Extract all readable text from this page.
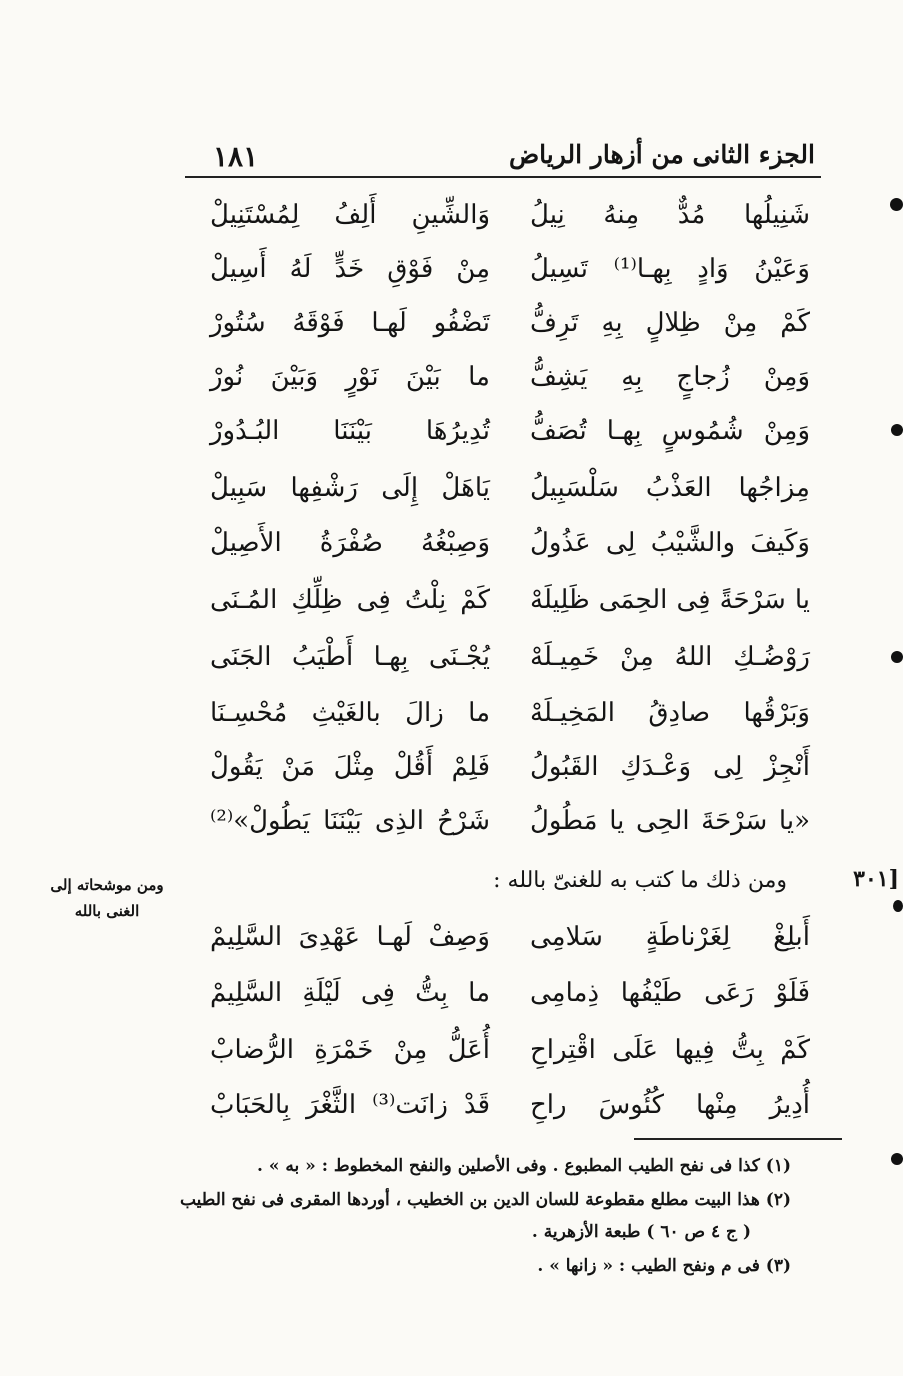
١٨١	الجزء الثانى من أزهار الرياض
شَنِيلُها مُدٌّ مِنهُ نِيلُ
وَالشِّينِ أَلِفُ لِمُسْتَنِيلْ
وَعَيْنُ وَادٍ بِهـا⁽¹⁾ تَسِيلُ
مِنْ فَوْقِ خَدٍّ لَهُ أَسِيلْ
كَمْ مِنْ ظِلالٍ بِهِ تَرِفُّ
تَضْفُو لَهـا فَوْقَهُ سُتُورْ
وَمِنْ زُجاجٍ بِهِ يَشِفُّ
ما بَيْنَ نَوْرٍ وَبَيْنَ نُورْ
وَمِنْ شُمُوسٍ بِهـا تُصَفُّ
تُدِيرُهَا بَيْنَنَا البُـدُورْ
مِزاجُها العَذْبُ سَلْسَبِيلُ
يَاهَلْ إِلَى رَشْفِها سَبِيلْ
وَكَيفَ والشَّيْبُ لِى عَذُولُ
وَصِبْغُهُ صُفْرَةُ الأَصِيلْ
يا سَرْحَةً فِى الحِمَى ظَلِيلَهْ
كَمْ نِلْتُ فِى ظِلِّكِ المُـنَى
رَوْضُـكِ اللهُ مِنْ خَمِيـلَهْ
يُجْـنَى بِهـا أَطْيَبُ الجَنَى
وَبَرْقُها صادِقُ المَخِيـلَهْ
ما زالَ بالغَيْثِ مُحْسِـنَا
أَنْجِزْ لِى وَعْـدَكِ القَبُولُ
فَلِمْ أَقُلْ مِثْلَ مَنْ يَقُولْ
«يا سَرْحَةَ الحِى يا مَطُولُ
شَرْحُ الذِى بَيْنَنَا يَطُولْ»⁽²⁾
ومن ذلك ما كتب به للغنىّ بالله :	[٣٠١
ومن موشحاته إلى الغنى بالله
أَبلِغْ لِغَرْناطَةٍ سَلامِى
وَصِفْ لَهـا عَهْدِىَ السَّلِيمْ
فَلَوْ رَعَى طَيْفُها ذِمامِى
ما بِتُّ فِى لَيْلَةِ السَّلِيمْ
كَمْ بِتُّ فِيها عَلَى اقْتِراحِ
أُعَلُّ مِنْ خَمْرَةِ الرُّضابْ
أُدِيرُ مِنْها كُئُوسَ راحِ
قَدْ زانَت⁽³⁾ الثَّغْرَ بِالحَبَابْ
(١) كذا فى نفح الطيب المطبوع . وفى الأصلين والنفح المخطوط : « به » .
(٢) هذا البيت مطلع مقطوعة للسان الدين بن الخطيب ، أوردها المقرى فى نفح الطيب
( ج ٤ ص ٦٠ ) طبعة الأزهرية .
(٣) فى م ونفح الطيب : « زانها » .
